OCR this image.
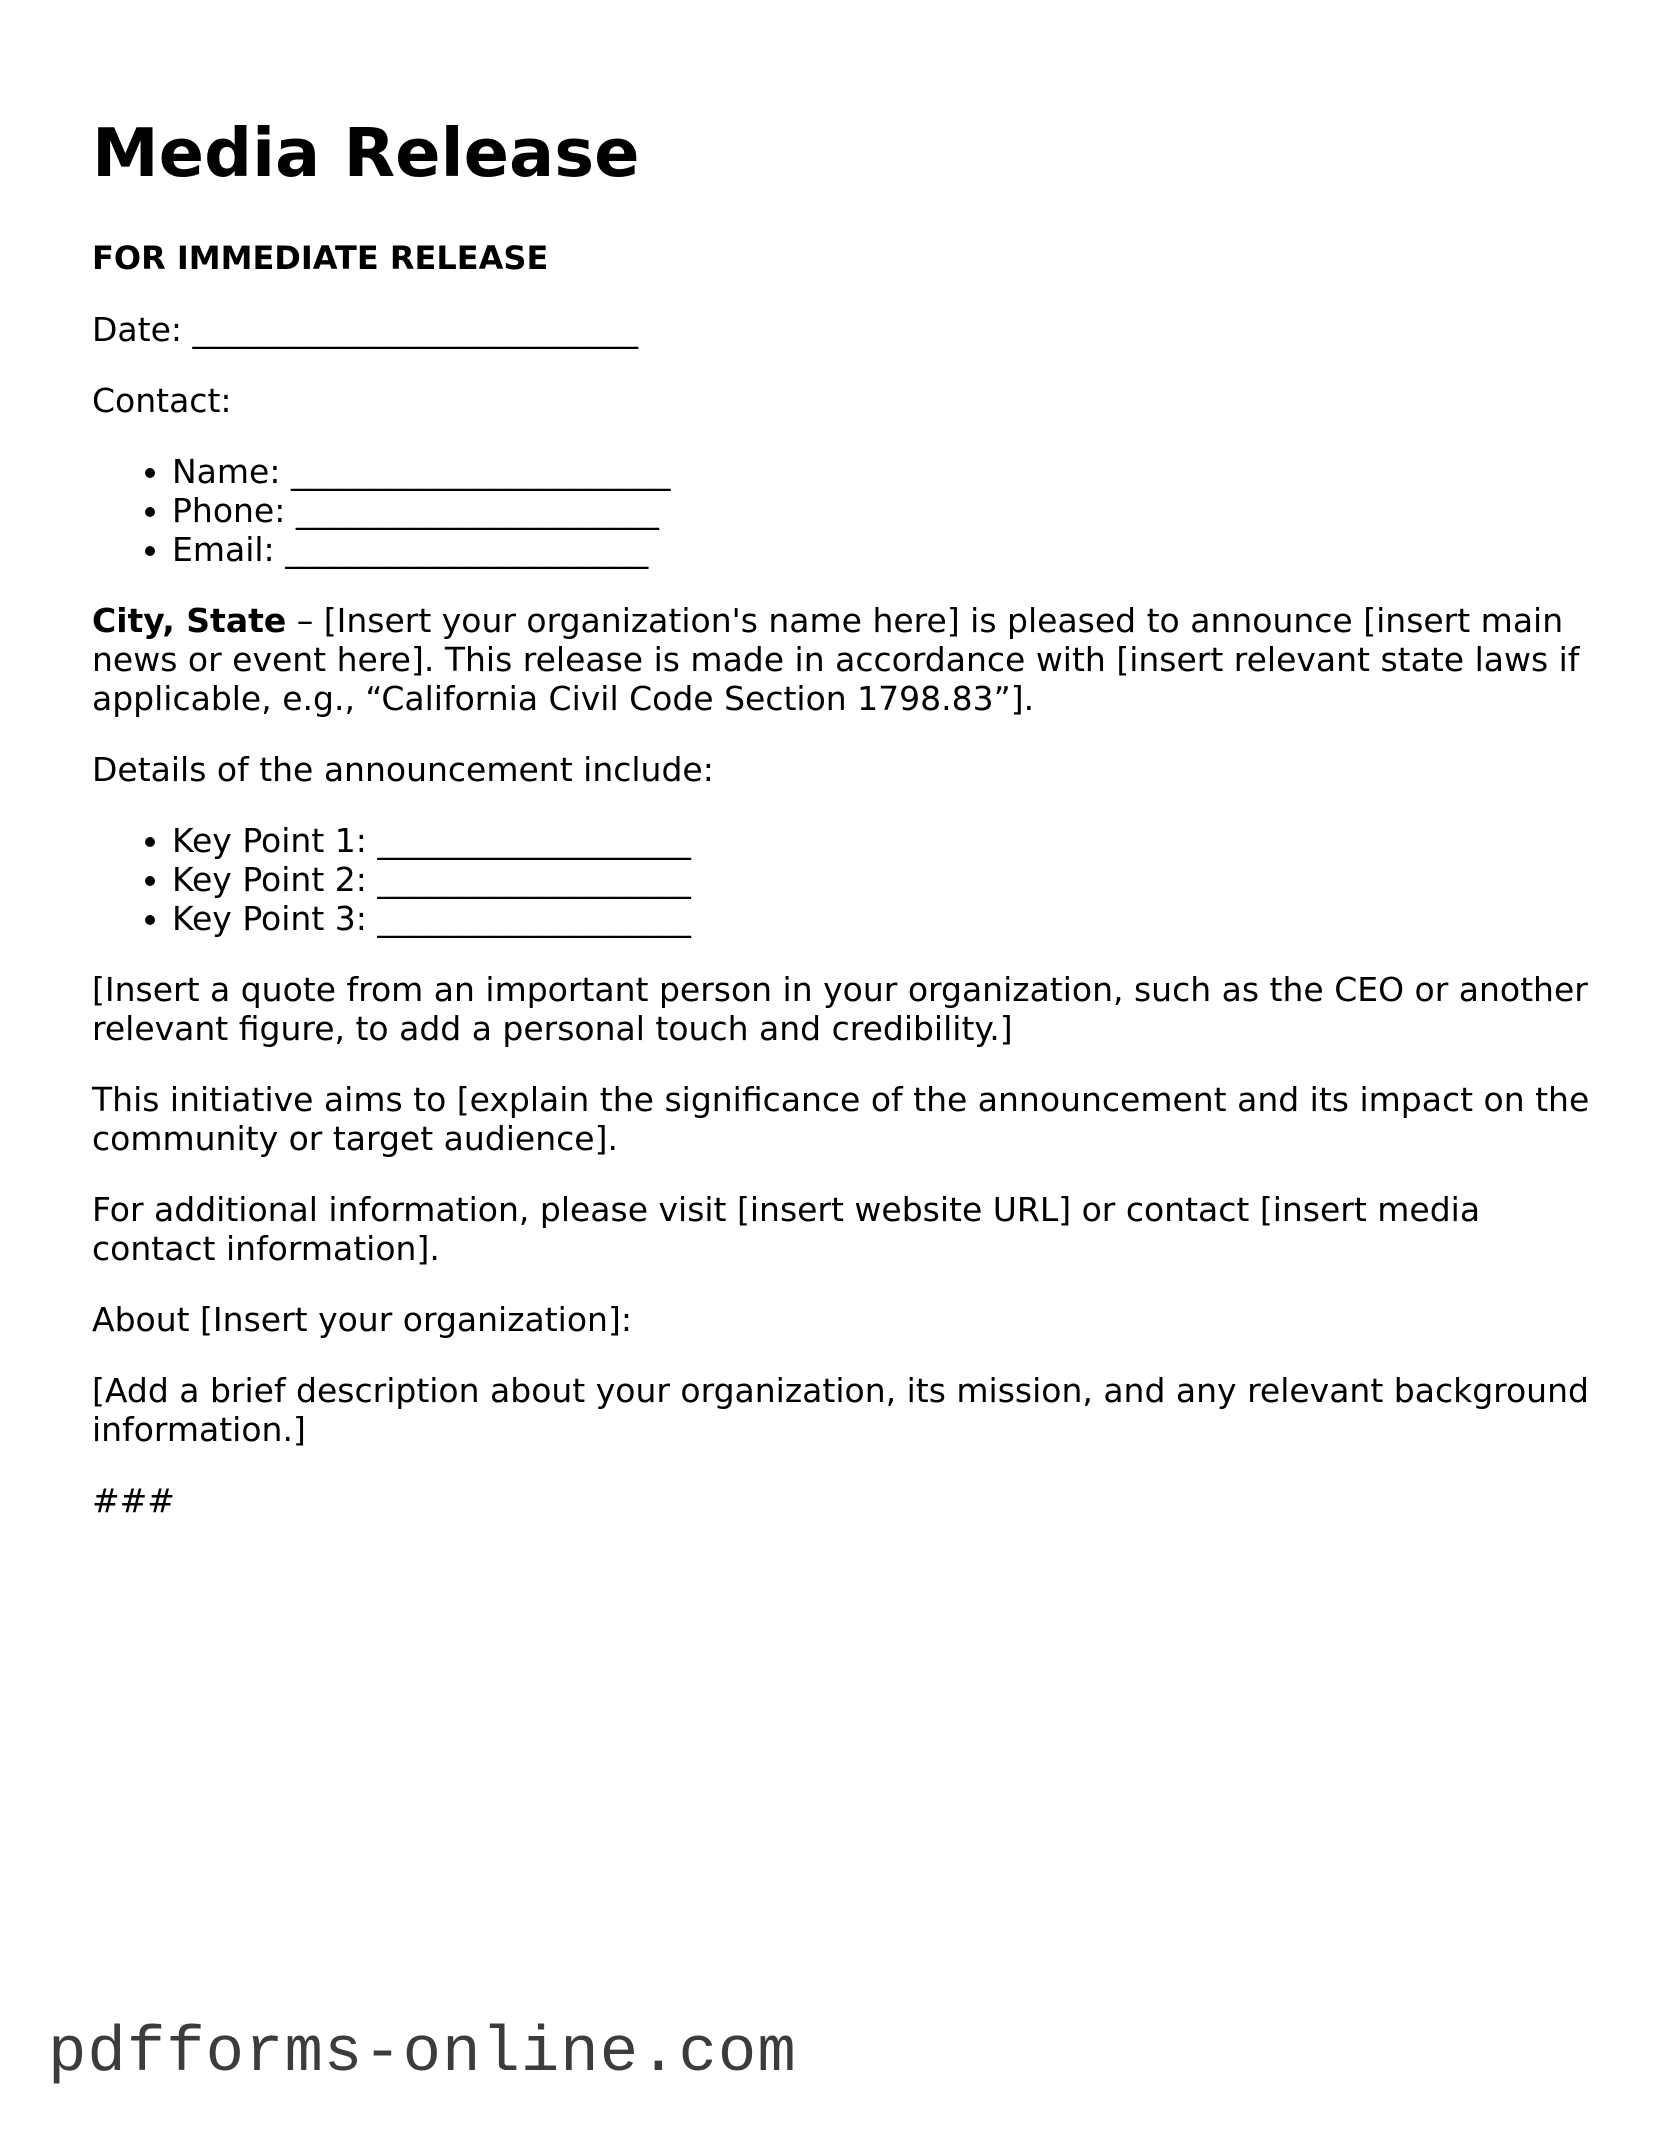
Media Release
FOR IMMEDIATE RELEASE

Date: ___________________________

Contact:

• Name: _______________________
• Phone: ______________________
• Email: ______________________

City, State – [Insert your organization's name here] is pleased to announce [insert main news or event here]. This release is made in accordance with [insert relevant state laws if applicable, e.g., “California Civil Code Section 1798.83”].

Details of the announcement include:

• Key Point 1: ___________________
• Key Point 2: ___________________
• Key Point 3: ___________________

[Insert a quote from an important person in your organization, such as the CEO or another relevant figure, to add a personal touch and credibility.]

This initiative aims to [explain the significance of the announcement and its impact on the community or target audience].

For additional information, please visit [insert website URL] or contact [insert media contact information].

About [Insert your organization]:

[Add a brief description about your organization, its mission, and any relevant background information.]

###

pdfforms-online.com
